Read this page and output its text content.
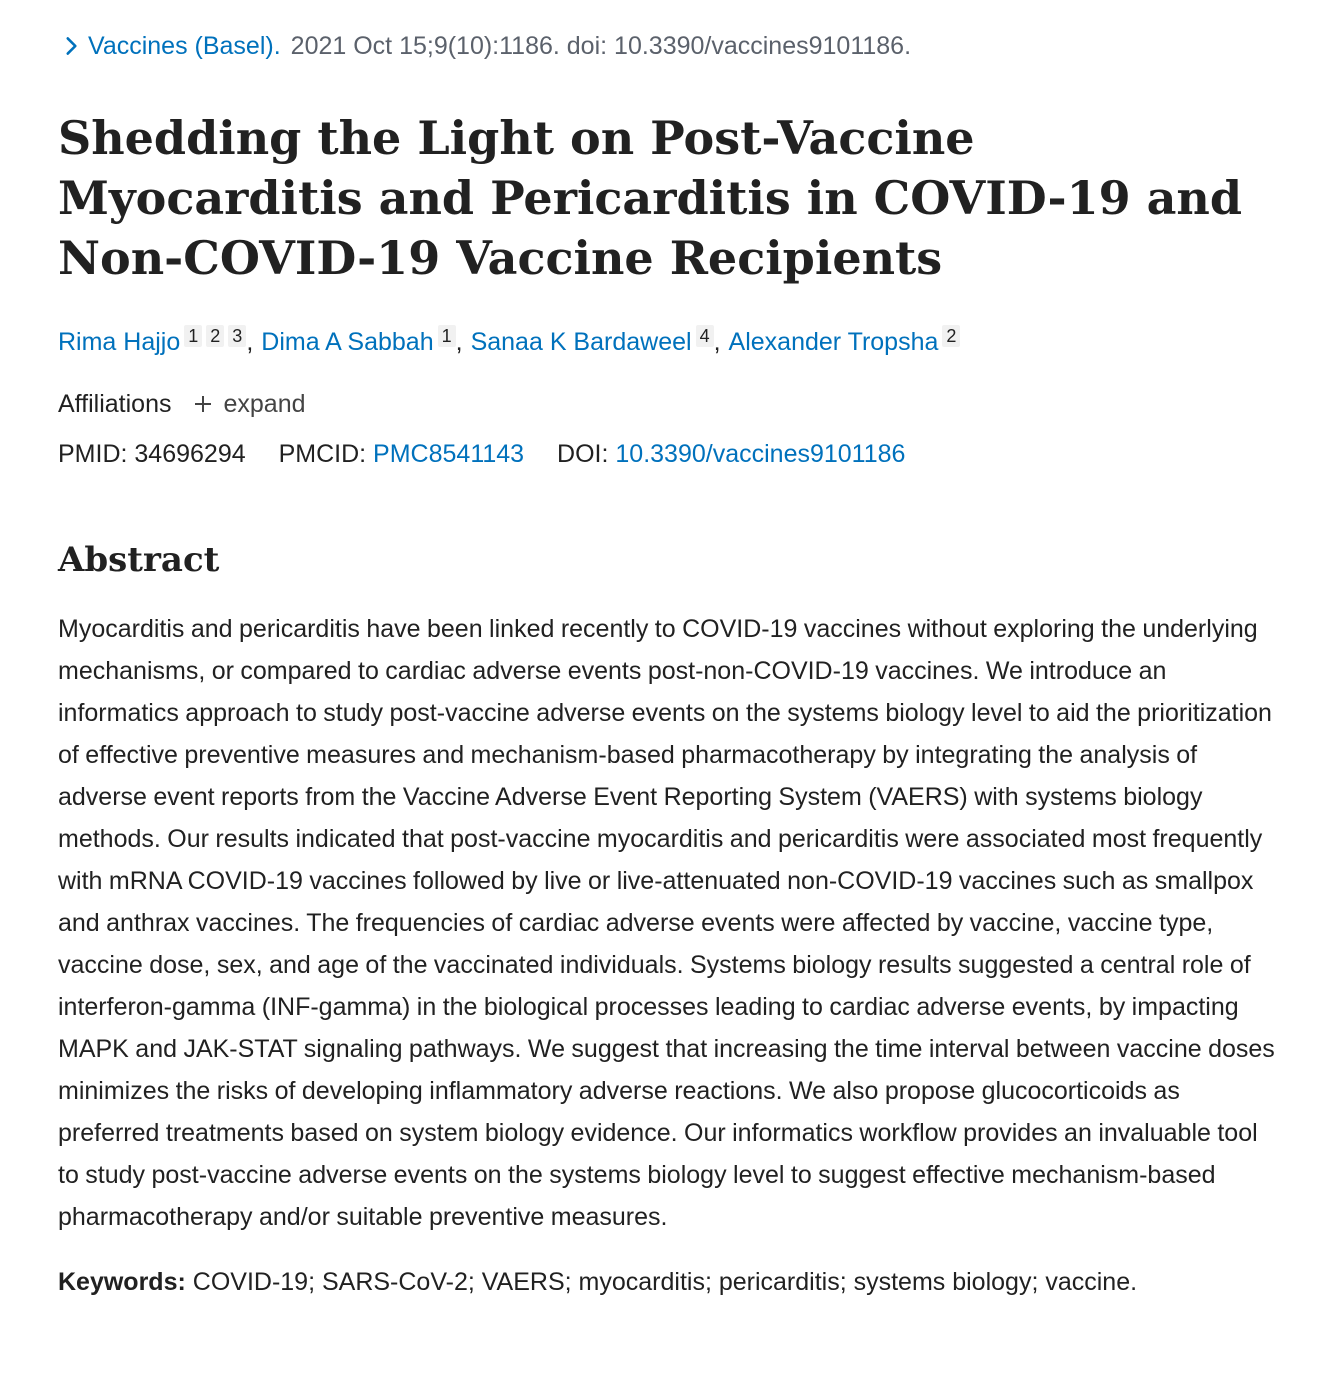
Vaccines (Basel). 2021 Oct 15;9(10):1186. doi: 10.3390/vaccines9101186.
Shedding the Light on Post-Vaccine Myocarditis and Pericarditis in COVID-19 and Non-COVID-19 Vaccine Recipients
Rima Hajjo 1 2 3 , Dima A Sabbah 1 , Sanaa K Bardaweel 4 , Alexander Tropsha 2
Affiliations expand
PMID: 34696294 PMCID: PMC8541143 DOI: 10.3390/vaccines9101186
Abstract

Myocarditis and pericarditis have been linked recently to COVID-19 vaccines without exploring the underlying mechanisms, or compared to cardiac adverse events post-non-COVID-19 vaccines. We introduce an informatics approach to study post-vaccine adverse events on the systems biology level to aid the prioritization of effective preventive measures and mechanism-based pharmacotherapy by integrating the analysis of adverse event reports from the Vaccine Adverse Event Reporting System (VAERS) with systems biology methods. Our results indicated that post-vaccine myocarditis and pericarditis were associated most frequently with mRNA COVID-19 vaccines followed by live or live-attenuated non-COVID-19 vaccines such as smallpox and anthrax vaccines. The frequencies of cardiac adverse events were affected by vaccine, vaccine type, vaccine dose, sex, and age of the vaccinated individuals. Systems biology results suggested a central role of interferon-gamma (INF-gamma) in the biological processes leading to cardiac adverse events, by impacting MAPK and JAK-STAT signaling pathways. We suggest that increasing the time interval between vaccine doses minimizes the risks of developing inflammatory adverse reactions. We also propose glucocorticoids as preferred treatments based on system biology evidence. Our informatics workflow provides an invaluable tool to study post-vaccine adverse events on the systems biology level to suggest effective mechanism-based pharmacotherapy and/or suitable preventive measures.

Keywords: COVID-19; SARS-CoV-2; VAERS; myocarditis; pericarditis; systems biology; vaccine.
